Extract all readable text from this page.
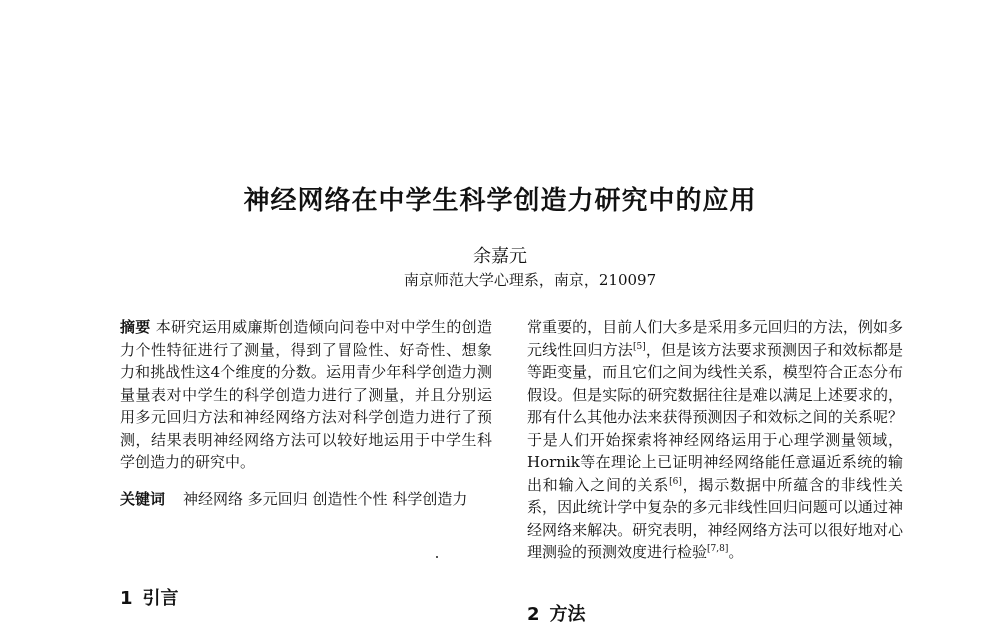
神经网络在中学生科学创造力研究中的应用
余嘉元
南京师范大学心理系，南京，210097

摘要 本研究运用威廉斯创造倾向问卷中对中学生的创造力个性特征进行了测量，得到了冒险性、好奇性、想象力和挑战性这4个维度的分数。运用青少年科学创造力测量量表对中学生的科学创造力进行了测量，并且分别运用多元回归方法和神经网络方法对科学创造力进行了预测，结果表明神经网络方法可以较好地运用于中学生科学创造力的研究中。

关键词 神经网络 多元回归 创造性个性 科学创造力

1 引言

常重要的，目前人们大多是采用多元回归的方法，例如多元线性回归方法[5]，但是该方法要求预测因子和效标都是等距变量，而且它们之间为线性关系，模型符合正态分布假设。但是实际的研究数据往往是难以满足上述要求的，那有什么其他办法来获得预测因子和效标之间的关系呢？于是人们开始探索将神经网络运用于心理学测量领域，Hornik等在理论上已证明神经网络能任意逼近系统的输出和输入之间的关系[6]，揭示数据中所蕴含的非线性关系，因此统计学中复杂的多元非线性回归问题可以通过神经网络来解决。研究表明，神经网络方法可以很好地对心理测验的预测效度进行检验[7,8]。

2 方法
